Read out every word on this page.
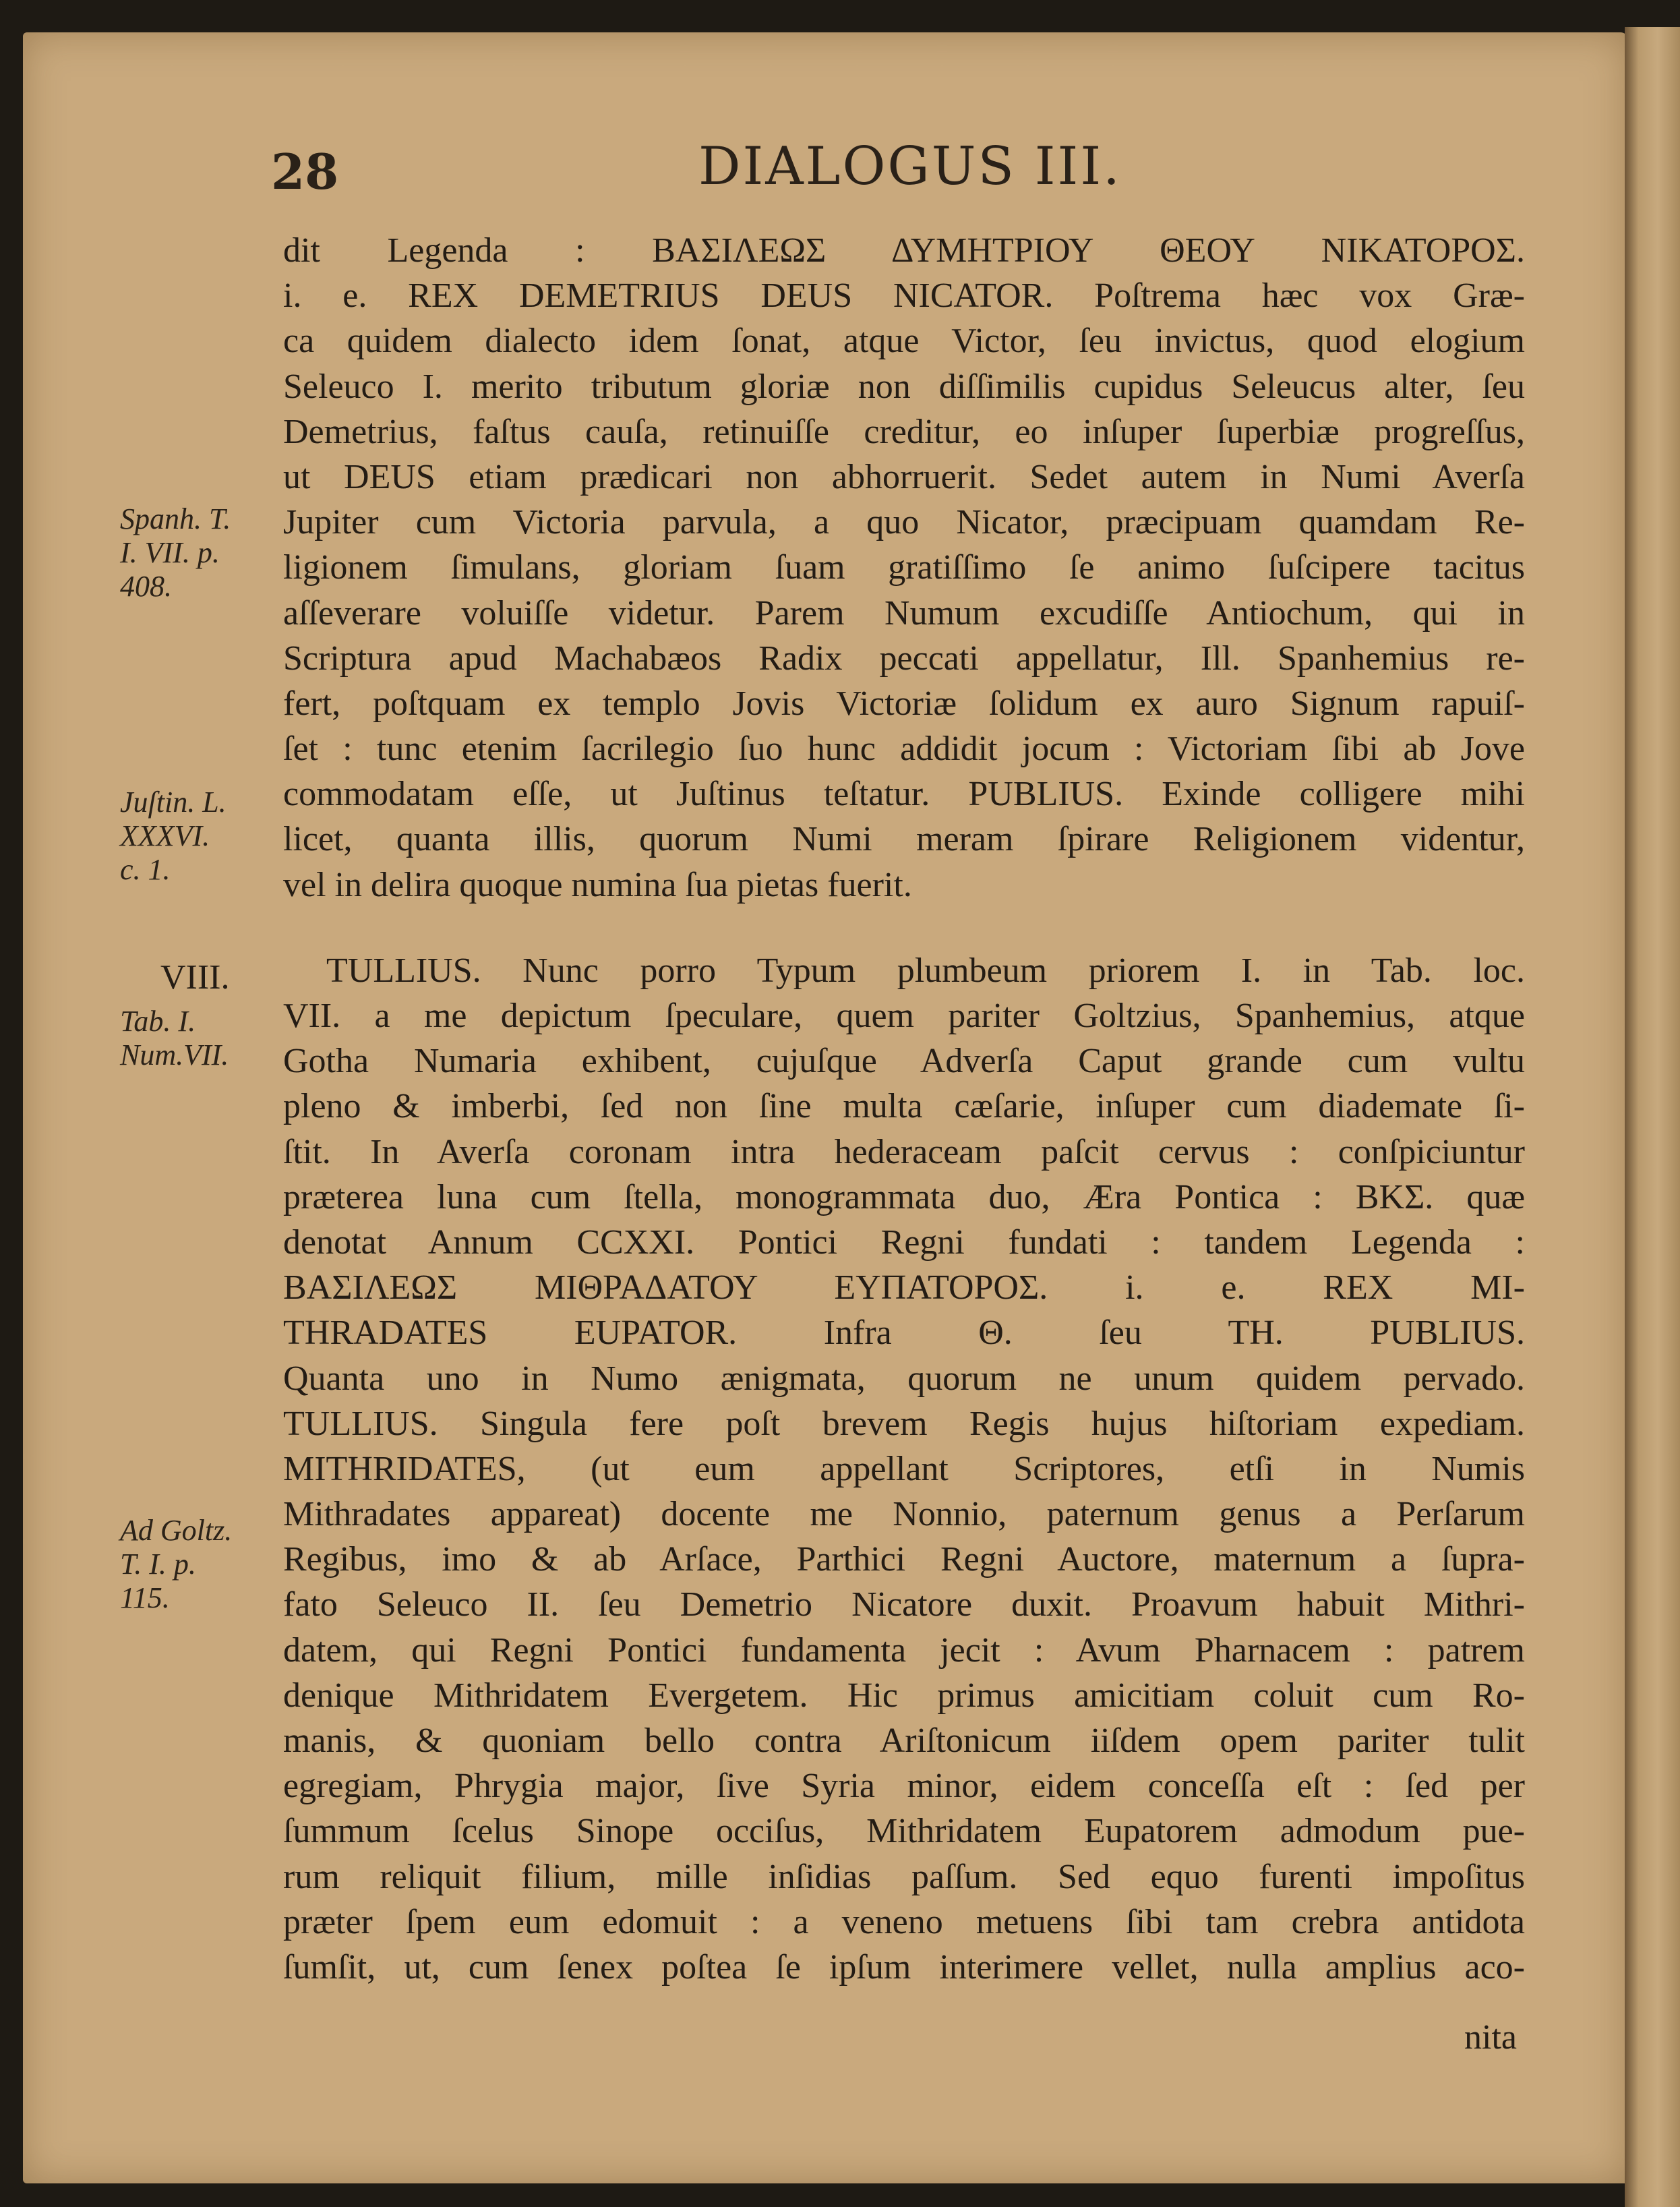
28	DIALOGUS III.
Spanh. T.
I. VII. p.
408.
Juſtin. L.
XXXVI.
c. 1.
VIII.
Tab. I.
Num.VII.
Ad Goltz.
T. I. p.
115.
dit Legenda : ΒΑΣΙΛΕΩΣ ΔΥΜΗΤΡΙΟΥ ΘΕΟΥ ΝΙΚΑΤΟΡΟΣ.
i. e. REX DEMETRIUS DEUS NICATOR. Poſtrema hæc vox Græ-
ca quidem dialecto idem ſonat, atque Victor, ſeu invictus, quod elogium
Seleuco I. merito tributum gloriæ non diſſimilis cupidus Seleucus alter, ſeu
Demetrius, faſtus cauſa, retinuiſſe creditur, eo inſuper ſuperbiæ progreſſus,
ut DEUS etiam prædicari non abhorruerit. Sedet autem in Numi Averſa
Jupiter cum Victoria parvula, a quo Nicator, præcipuam quamdam Re-
ligionem ſimulans, gloriam ſuam gratiſſimo ſe animo ſuſcipere tacitus
aſſeverare voluiſſe videtur. Parem Numum excudiſſe Antiochum, qui in
Scriptura apud Machabæos Radix peccati appellatur, Ill. Spanhemius re-
fert, poſtquam ex templo Jovis Victoriæ ſolidum ex auro Signum rapuiſ-
ſet : tunc etenim ſacrilegio ſuo hunc addidit jocum : Victoriam ſibi ab Jove
commodatam eſſe, ut Juſtinus teſtatur. PUBLIUS. Exinde colligere mihi
licet, quanta illis, quorum Numi meram ſpirare Religionem videntur,
vel in delira quoque numina ſua pietas fuerit.
TULLIUS. Nunc porro Typum plumbeum priorem I. in Tab. loc.
VII. a me depictum ſpeculare, quem pariter Goltzius, Spanhemius, atque
Gotha Numaria exhibent, cujuſque Adverſa Caput grande cum vultu
pleno & imberbi, ſed non ſine multa cæſarie, inſuper cum diademate ſi-
ſtit. In Averſa coronam intra hederaceam paſcit cervus : conſpiciuntur
præterea luna cum ſtella, monogrammata duo, Æra Pontica : BKΣ. quæ
denotat Annum CCXXI. Pontici Regni fundati : tandem Legenda :
ΒΑΣΙΛΕΩΣ ΜΙΘΡΑΔΑΤΟΥ ΕΥΠΑΤΟΡΟΣ. i. e. REX MI-
THRADATES EUPATOR. Infra Θ. ſeu TH. PUBLIUS.
Quanta uno in Numo ænigmata, quorum ne unum quidem pervado.
TULLIUS. Singula fere poſt brevem Regis hujus hiſtoriam expediam.
MITHRIDATES, (ut eum appellant Scriptores, etſi in Numis
Mithradates appareat) docente me Nonnio, paternum genus a Perſarum
Regibus, imo & ab Arſace, Parthici Regni Auctore, maternum a ſupra-
fato Seleuco II. ſeu Demetrio Nicatore duxit. Proavum habuit Mithri-
datem, qui Regni Pontici fundamenta jecit : Avum Pharnacem : patrem
denique Mithridatem Evergetem. Hic primus amicitiam coluit cum Ro-
manis, & quoniam bello contra Ariſtonicum iiſdem opem pariter tulit
egregiam, Phrygia major, ſive Syria minor, eidem conceſſa eſt : ſed per
ſummum ſcelus Sinope occiſus, Mithridatem Eupatorem admodum pue-
rum reliquit filium, mille inſidias paſſum. Sed equo furenti impoſitus
præter ſpem eum edomuit : a veneno metuens ſibi tam crebra antidota
ſumſit, ut, cum ſenex poſtea ſe ipſum interimere vellet, nulla amplius aco-
nita
